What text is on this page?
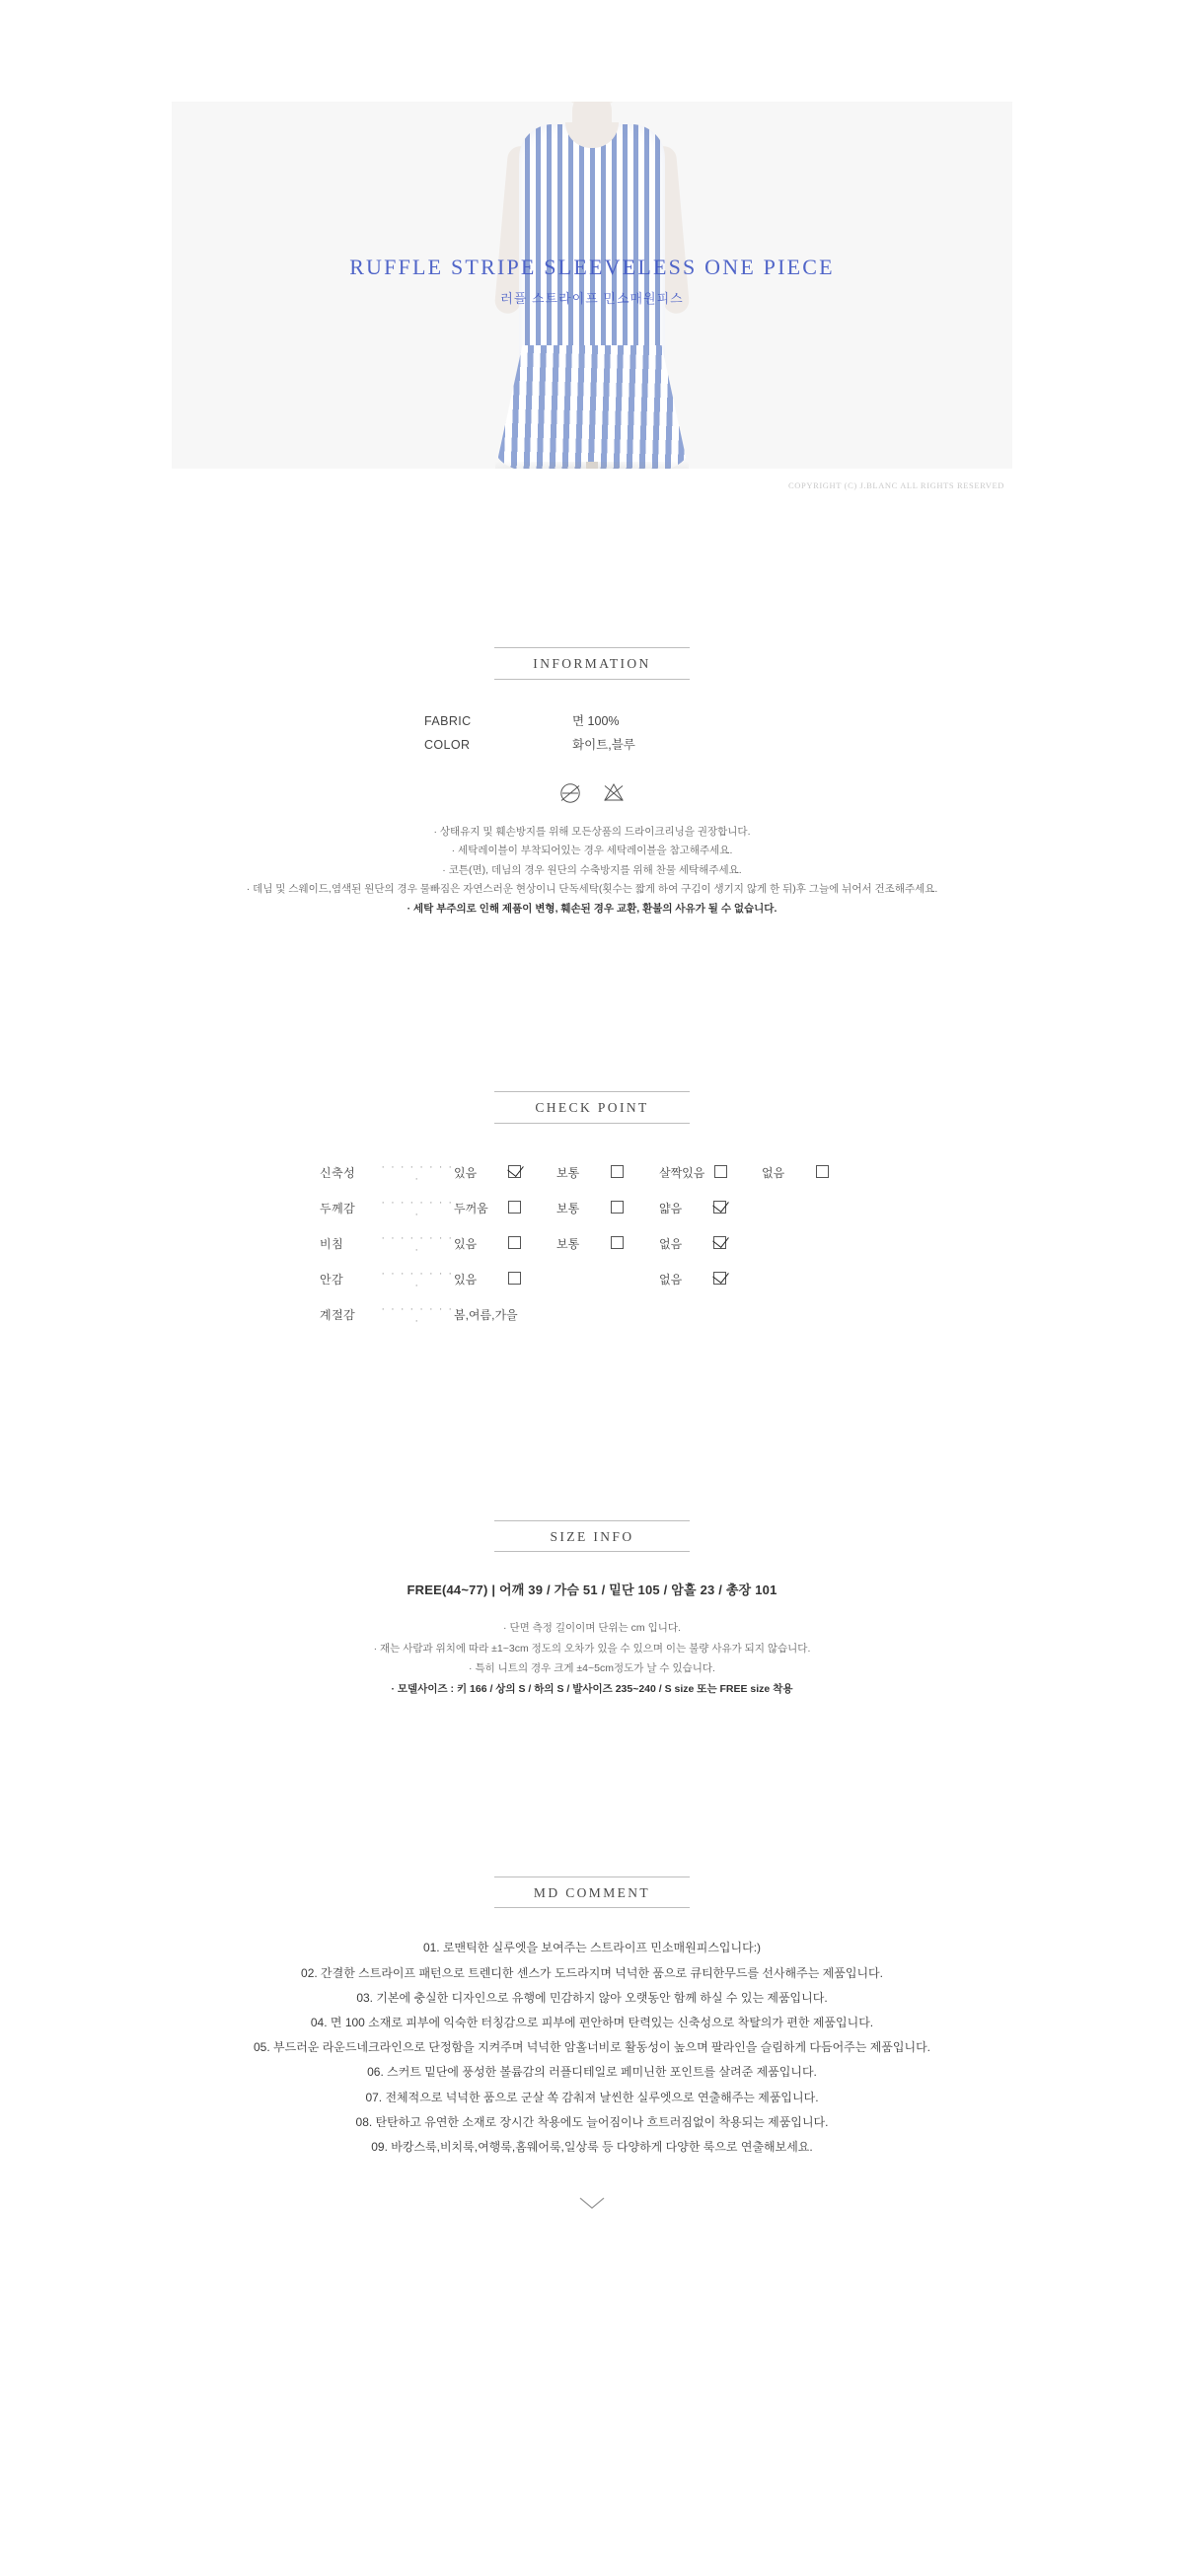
RUFFLE STRIPE SLEEVELESS ONE PIECE
러플 스트라이프 민소매원피스
COPYRIGHT (C) J.BLANC ALL RIGHTS RESERVED
INFORMATION
FABRIC	면 100%
COLOR	화이트,블루
· 상태유지 및 훼손방지를 위해 모든상품의 드라이크리닝을 권장합니다.
· 세탁레이블이 부착되어있는 경우 세탁레이블을 참고해주세요.
· 코튼(면), 데님의 경우 원단의 수축방지를 위해 찬물 세탁해주세요.
· 데님 및 스웨이드,염색된 원단의 경우 물빠짐은 자연스러운 현상이니 단독세탁(횟수는 짧게 하여 구김이 생기지 않게 한 뒤)후 그늘에 뉘어서 건조해주세요.
· 세탁 부주의로 인해 제품이 변형, 훼손된 경우 교환, 환불의 사유가 될 수 없습니다.
CHECK POINT
신축성	· · · · · · · · ·	있음	보통	살짝있음	없음
두께감	· · · · · · · · ·	두꺼움	보통	얇음	
비침	· · · · · · · · ·	있음	보통	없음	
안감	· · · · · · · · ·	있음		없음	
계절감	· · · · · · · · ·	봄,여름,가을			
SIZE INFO
FREE(44~77) | 어깨 39 / 가슴 51 / 밑단 105 / 암홀 23 / 총장 101
· 단면 측정 길이이며 단위는 cm 입니다.
· 재는 사람과 위치에 따라 ±1~3cm 정도의 오차가 있을 수 있으며 이는 불량 사유가 되지 않습니다.
· 특히 니트의 경우 크게 ±4~5cm정도가 날 수 있습니다.
· 모델사이즈 : 키 166 / 상의 S / 하의 S / 발사이즈 235~240 / S size 또는 FREE size 착용
MD COMMENT
01. 로맨틱한 실루엣을 보여주는 스트라이프 민소매원피스입니다:)
02. 간결한 스트라이프 패턴으로 트렌디한 센스가 도드라지며 넉넉한 품으로 큐티한무드를 선사해주는 제품입니다.
03. 기본에 충실한 디자인으로 유행에 민감하지 않아 오랫동안 함께 하실 수 있는 제품입니다.
04. 면 100 소재로 피부에 익숙한 터칭감으로 피부에 편안하며 탄력있는 신축성으로 착탈의가 편한 제품입니다.
05. 부드러운 라운드네크라인으로 단정함을 지켜주며 넉넉한 암홀너비로 활동성이 높으며 팔라인을 슬림하게 다듬어주는 제품입니다.
06. 스커트 밑단에 풍성한 볼륨감의 러플디테일로 페미닌한 포인트를 살려준 제품입니다.
07. 전체적으로 넉넉한 품으로 군살 쏙 감춰져 날씬한 실루엣으로 연출해주는 제품입니다.
08. 탄탄하고 유연한 소재로 장시간 착용에도 늘어짐이나 흐트러짐없이 착용되는 제품입니다.
09. 바캉스룩,비치룩,여행룩,홈웨어룩,일상룩 등 다양하게 다양한 룩으로 연출해보세요.
